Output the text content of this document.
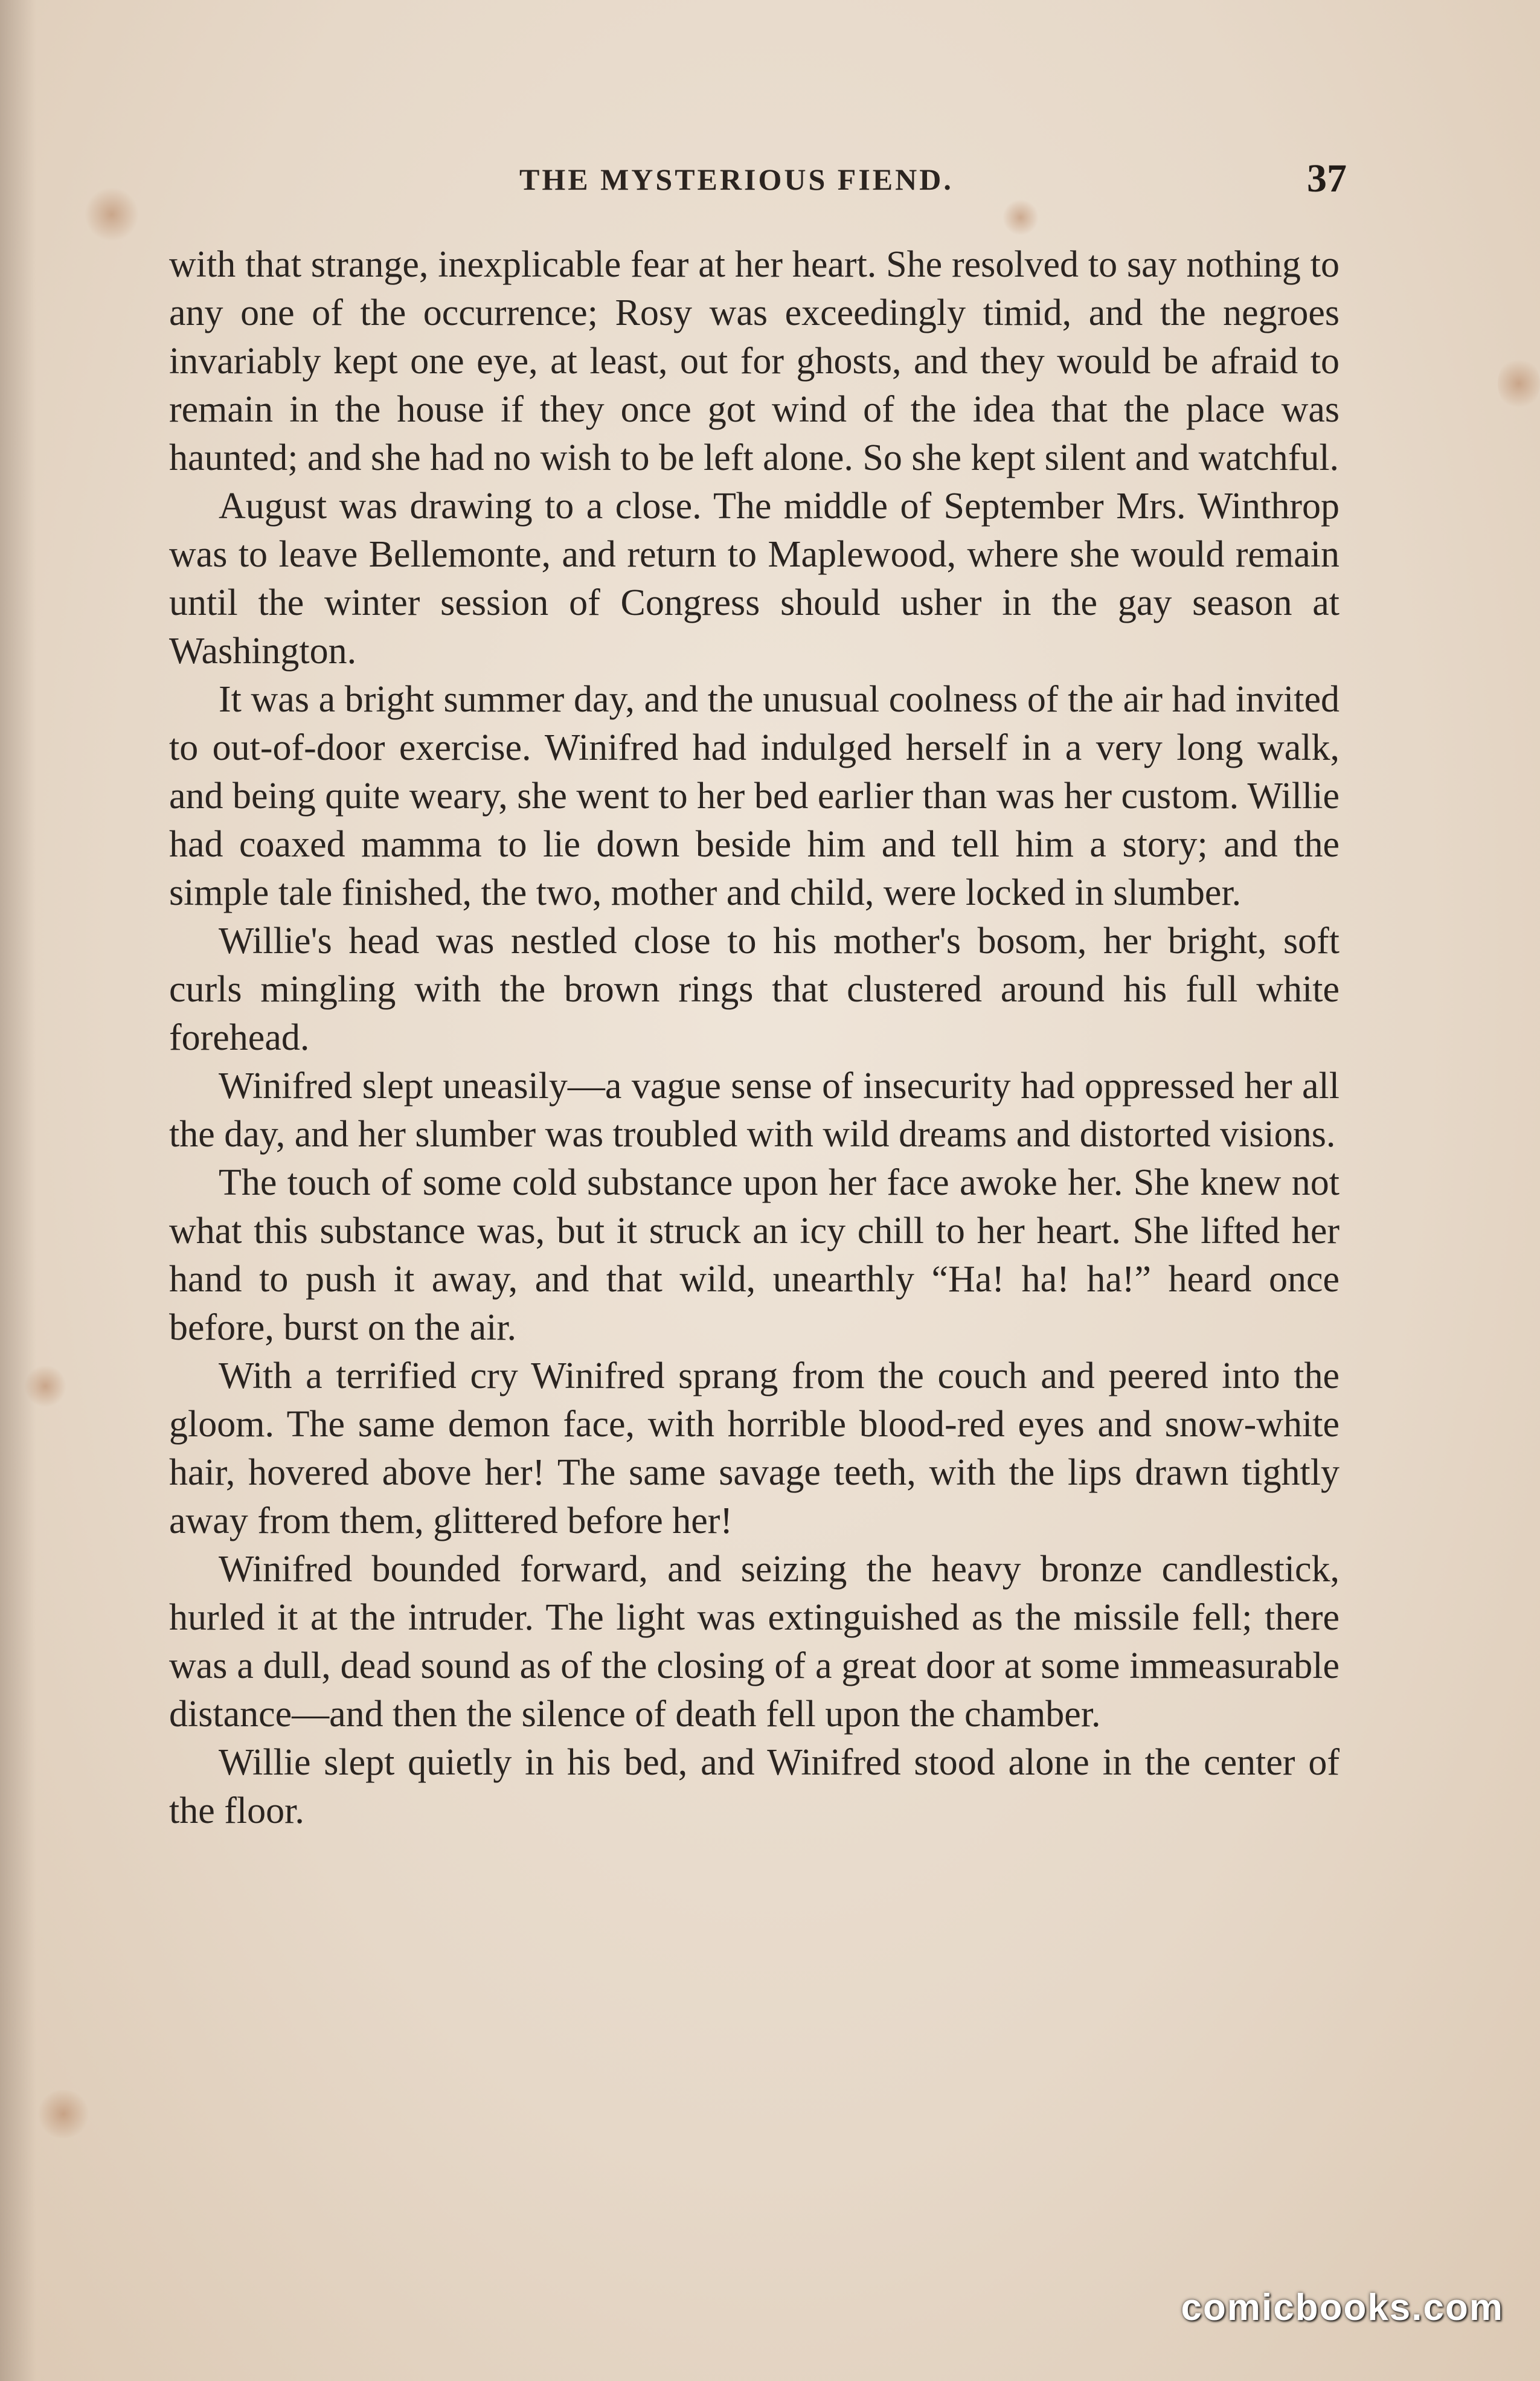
THE MYSTERIOUS FIEND.	37

with that strange, inexplicable fear at her heart. She resolved to say nothing to any one of the occurrence; Rosy was exceedingly timid, and the negroes invariably kept one eye, at least, out for ghosts, and they would be afraid to remain in the house if they once got wind of the idea that the place was haunted; and she had no wish to be left alone. So she kept silent and watchful.

August was drawing to a close. The middle of September Mrs. Winthrop was to leave Bellemonte, and return to Maplewood, where she would remain until the winter session of Congress should usher in the gay season at Washington.

It was a bright summer day, and the unusual coolness of the air had invited to out-of-door exercise. Winifred had indulged herself in a very long walk, and being quite weary, she went to her bed earlier than was her custom. Willie had coaxed mamma to lie down beside him and tell him a story; and the simple tale finished, the two, mother and child, were locked in slumber.

Willie's head was nestled close to his mother's bosom, her bright, soft curls mingling with the brown rings that clustered around his full white forehead.

Winifred slept uneasily—a vague sense of insecurity had oppressed her all the day, and her slumber was troubled with wild dreams and distorted visions.

The touch of some cold substance upon her face awoke her. She knew not what this substance was, but it struck an icy chill to her heart. She lifted her hand to push it away, and that wild, unearthly “Ha! ha! ha!” heard once before, burst on the air.

With a terrified cry Winifred sprang from the couch and peered into the gloom. The same demon face, with horrible blood-red eyes and snow-white hair, hovered above her! The same savage teeth, with the lips drawn tightly away from them, glittered before her!

Winifred bounded forward, and seizing the heavy bronze candlestick, hurled it at the intruder. The light was extinguished as the missile fell; there was a dull, dead sound as of the closing of a great door at some immeasurable distance—and then the silence of death fell upon the chamber.

Willie slept quietly in his bed, and Winifred stood alone in the center of the floor.

comicbooks.com
